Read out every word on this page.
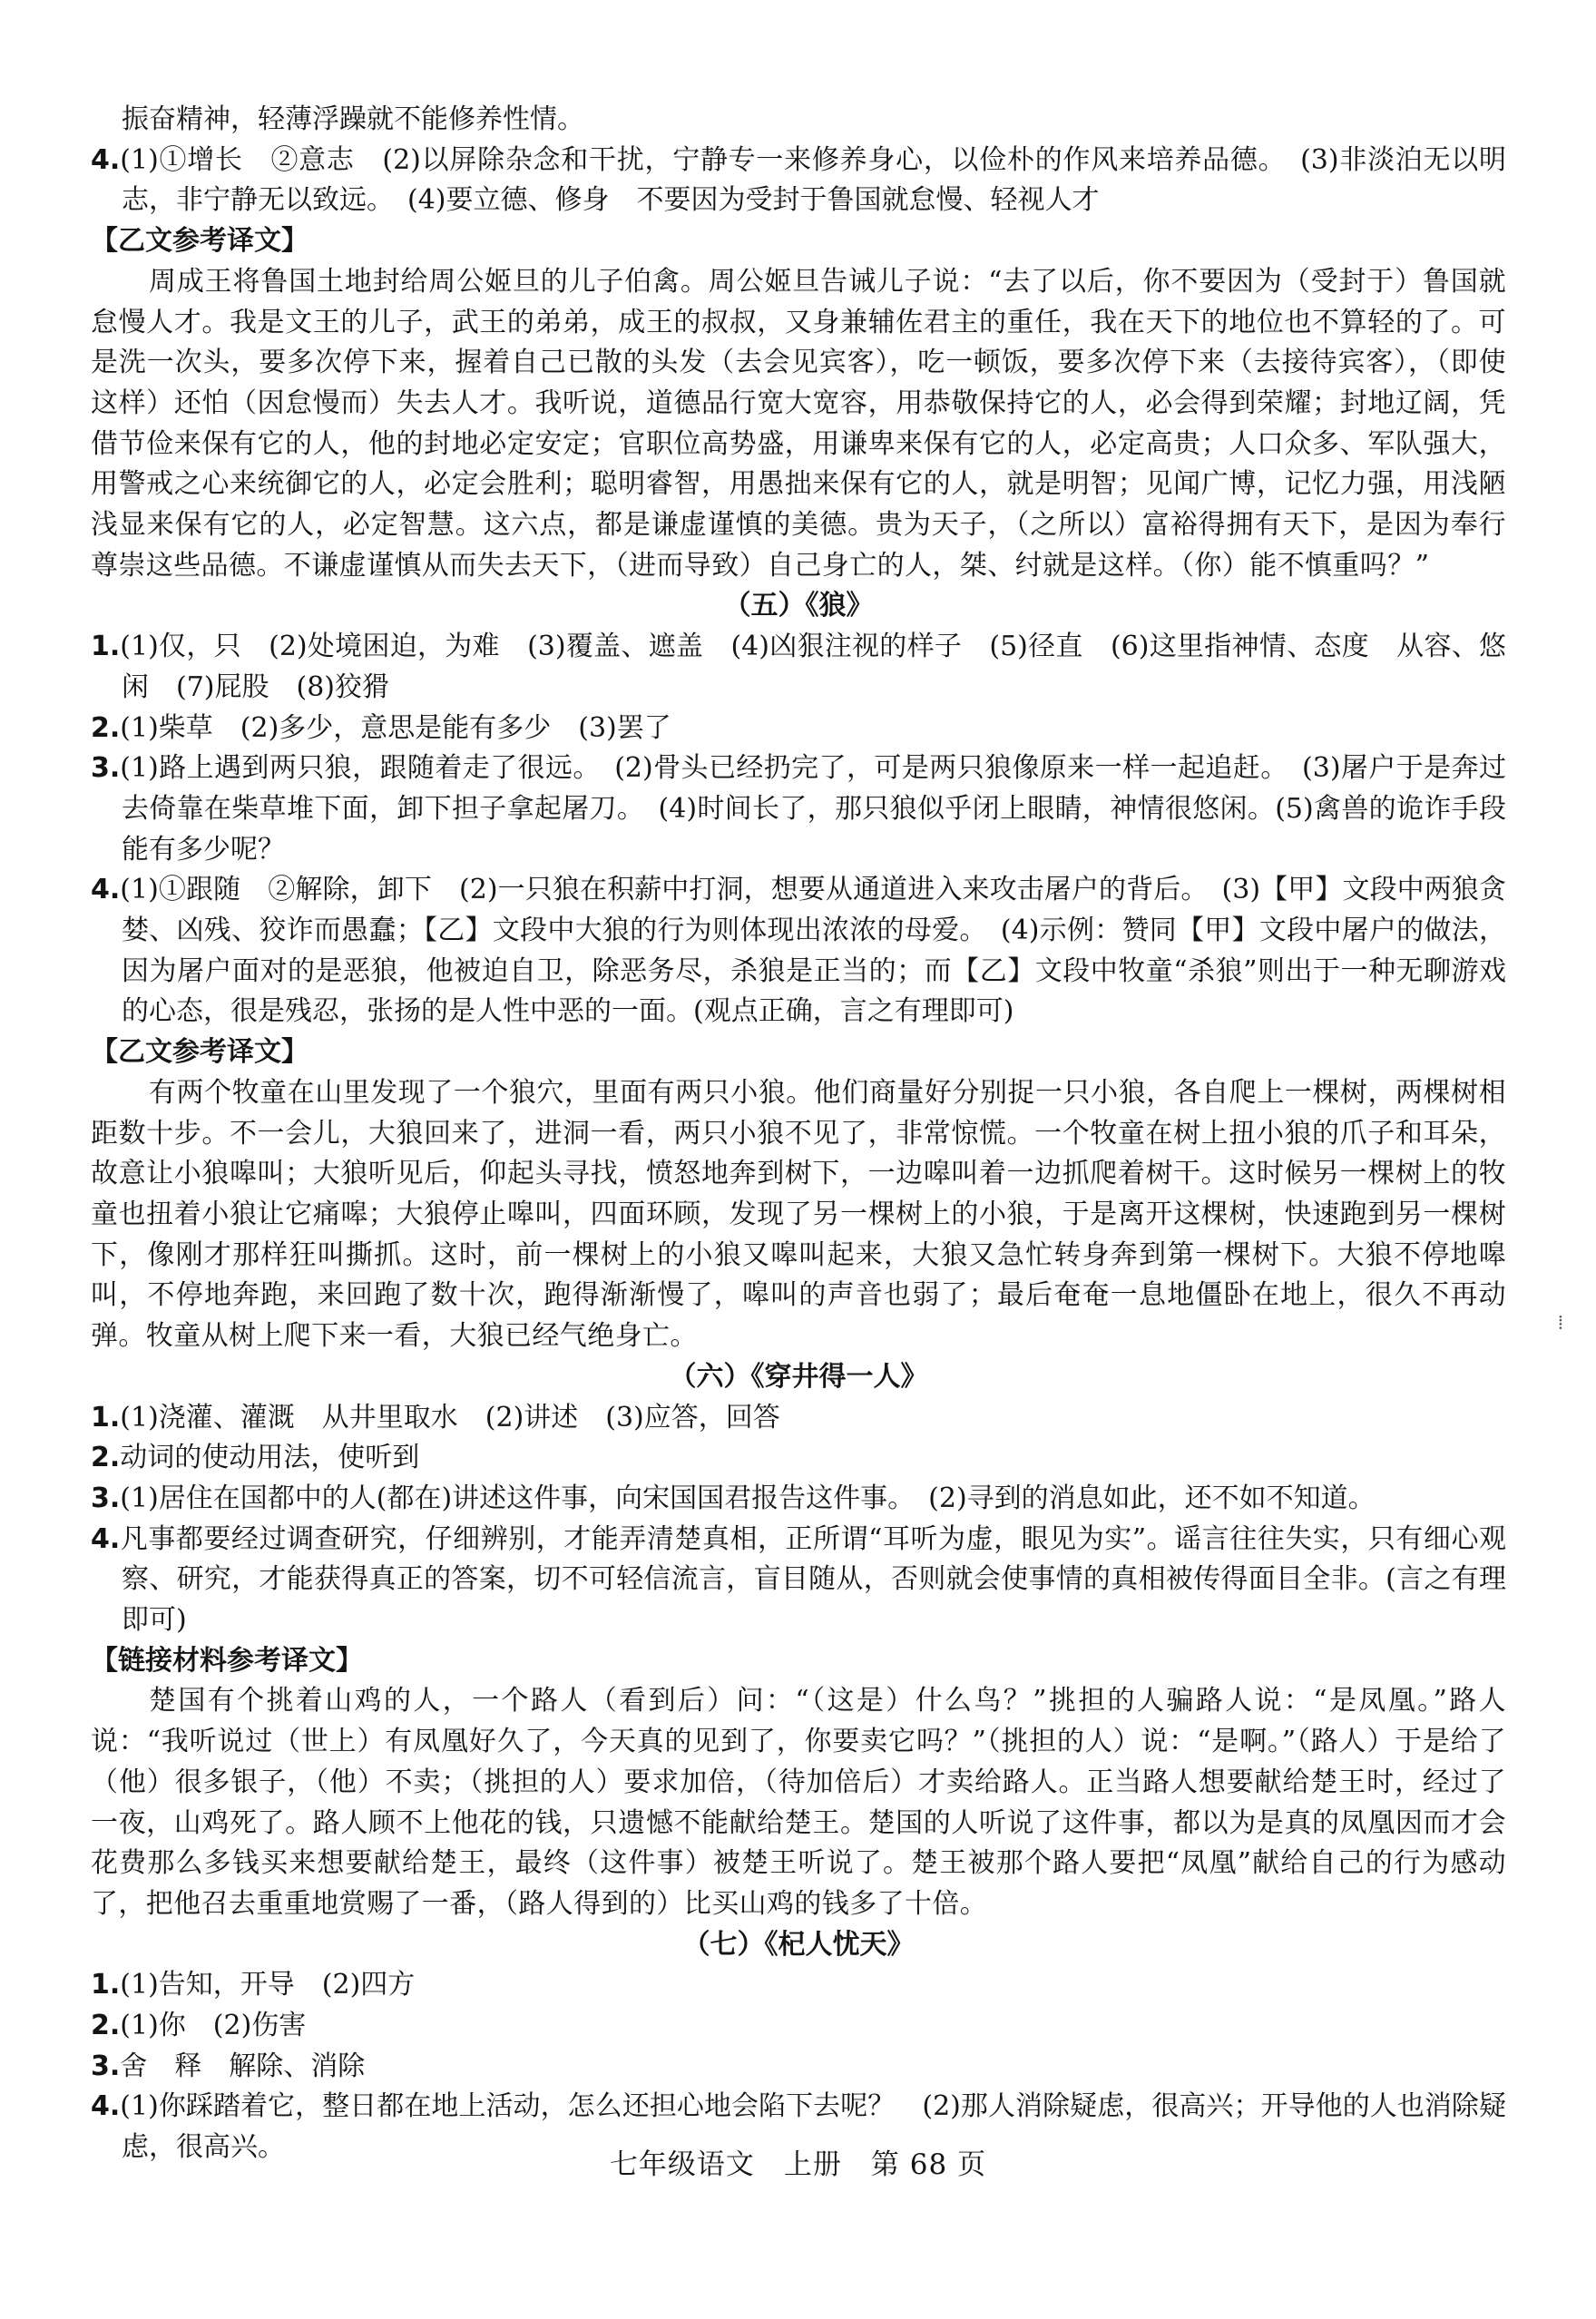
振奋精神，轻薄浮躁就不能修养性情。

4.(1)①增长　②意志　(2)以屏除杂念和干扰，宁静专一来修养身心，以俭朴的作风来培养品德。　(3)非淡泊无以明志，非宁静无以致远。　(4)要立德、修身　不要因为受封于鲁国就怠慢、轻视人才

【乙文参考译文】

周成王将鲁国土地封给周公姬旦的儿子伯禽。周公姬旦告诫儿子说：“去了以后，你不要因为（受封于）鲁国就怠慢人才。我是文王的儿子，武王的弟弟，成王的叔叔，又身兼辅佐君主的重任，我在天下的地位也不算轻的了。可是洗一次头，要多次停下来，握着自己已散的头发（去会见宾客），吃一顿饭，要多次停下来（去接待宾客），（即使这样）还怕（因怠慢而）失去人才。我听说，道德品行宽大宽容，用恭敬保持它的人，必会得到荣耀；封地辽阔，凭借节俭来保有它的人，他的封地必定安定；官职位高势盛，用谦卑来保有它的人，必定高贵；人口众多、军队强大，用警戒之心来统御它的人，必定会胜利；聪明睿智，用愚拙来保有它的人，就是明智；见闻广博，记忆力强，用浅陋浅显来保有它的人，必定智慧。这六点，都是谦虚谨慎的美德。贵为天子，（之所以）富裕得拥有天下，是因为奉行尊崇这些品德。不谦虚谨慎从而失去天下，（进而导致）自己身亡的人，桀、纣就是这样。（你）能不慎重吗？”

（五）《狼》

1.(1)仅，只　(2)处境困迫，为难　(3)覆盖、遮盖　(4)凶狠注视的样子　(5)径直　(6)这里指神情、态度　从容、悠闲　(7)屁股　(8)狡猾

2.(1)柴草　(2)多少，意思是能有多少　(3)罢了

3.(1)路上遇到两只狼，跟随着走了很远。　(2)骨头已经扔完了，可是两只狼像原来一样一起追赶。　(3)屠户于是奔过去倚靠在柴草堆下面，卸下担子拿起屠刀。　(4)时间长了，那只狼似乎闭上眼睛，神情很悠闲。(5)禽兽的诡诈手段能有多少呢？

4.(1)①跟随　②解除，卸下　(2)一只狼在积薪中打洞，想要从通道进入来攻击屠户的背后。　(3)【甲】文段中两狼贪婪、凶残、狡诈而愚蠢；【乙】文段中大狼的行为则体现出浓浓的母爱。　(4)示例：赞同【甲】文段中屠户的做法，因为屠户面对的是恶狼，他被迫自卫，除恶务尽，杀狼是正当的；而【乙】文段中牧童“杀狼”则出于一种无聊游戏的心态，很是残忍，张扬的是人性中恶的一面。(观点正确，言之有理即可)

【乙文参考译文】

有两个牧童在山里发现了一个狼穴，里面有两只小狼。他们商量好分别捉一只小狼，各自爬上一棵树，两棵树相距数十步。不一会儿，大狼回来了，进洞一看，两只小狼不见了，非常惊慌。一个牧童在树上扭小狼的爪子和耳朵，故意让小狼嗥叫；大狼听见后，仰起头寻找，愤怒地奔到树下，一边嗥叫着一边抓爬着树干。这时候另一棵树上的牧童也扭着小狼让它痛嗥；大狼停止嗥叫，四面环顾，发现了另一棵树上的小狼，于是离开这棵树，快速跑到另一棵树下，像刚才那样狂叫撕抓。这时，前一棵树上的小狼又嗥叫起来，大狼又急忙转身奔到第一棵树下。大狼不停地嗥叫，不停地奔跑，来回跑了数十次，跑得渐渐慢了，嗥叫的声音也弱了；最后奄奄一息地僵卧在地上，很久不再动弹。牧童从树上爬下来一看，大狼已经气绝身亡。

（六）《穿井得一人》

1.(1)浇灌、灌溉　从井里取水　(2)讲述　(3)应答，回答

2.动词的使动用法，使听到

3.(1)居住在国都中的人(都在)讲述这件事，向宋国国君报告这件事。　(2)寻到的消息如此，还不如不知道。

4.凡事都要经过调查研究，仔细辨别，才能弄清楚真相，正所谓“耳听为虚，眼见为实”。谣言往往失实，只有细心观察、研究，才能获得真正的答案，切不可轻信流言，盲目随从，否则就会使事情的真相被传得面目全非。(言之有理即可)

【链接材料参考译文】

楚国有个挑着山鸡的人，一个路人（看到后）问：“（这是）什么鸟？”挑担的人骗路人说：“是凤凰。”路人说：“我听说过（世上）有凤凰好久了，今天真的见到了，你要卖它吗？”（挑担的人）说：“是啊。”（路人）于是给了（他）很多银子，（他）不卖；（挑担的人）要求加倍，（待加倍后）才卖给路人。正当路人想要献给楚王时，经过了一夜，山鸡死了。路人顾不上他花的钱，只遗憾不能献给楚王。楚国的人听说了这件事，都以为是真的凤凰因而才会花费那么多钱买来想要献给楚王，最终（这件事）被楚王听说了。楚王被那个路人要把“凤凰”献给自己的行为感动了，把他召去重重地赏赐了一番，（路人得到的）比买山鸡的钱多了十倍。

（七）《杞人忧天》

1.(1)告知，开导　(2)四方

2.(1)你　(2)伤害

3.舍　释　解除、消除

4.(1)你踩踏着它，整日都在地上活动，怎么还担心地会陷下去呢？　(2)那人消除疑虑，很高兴；开导他的人也消除疑虑，很高兴。

⁞
七年级语文　上册　第 68 页
